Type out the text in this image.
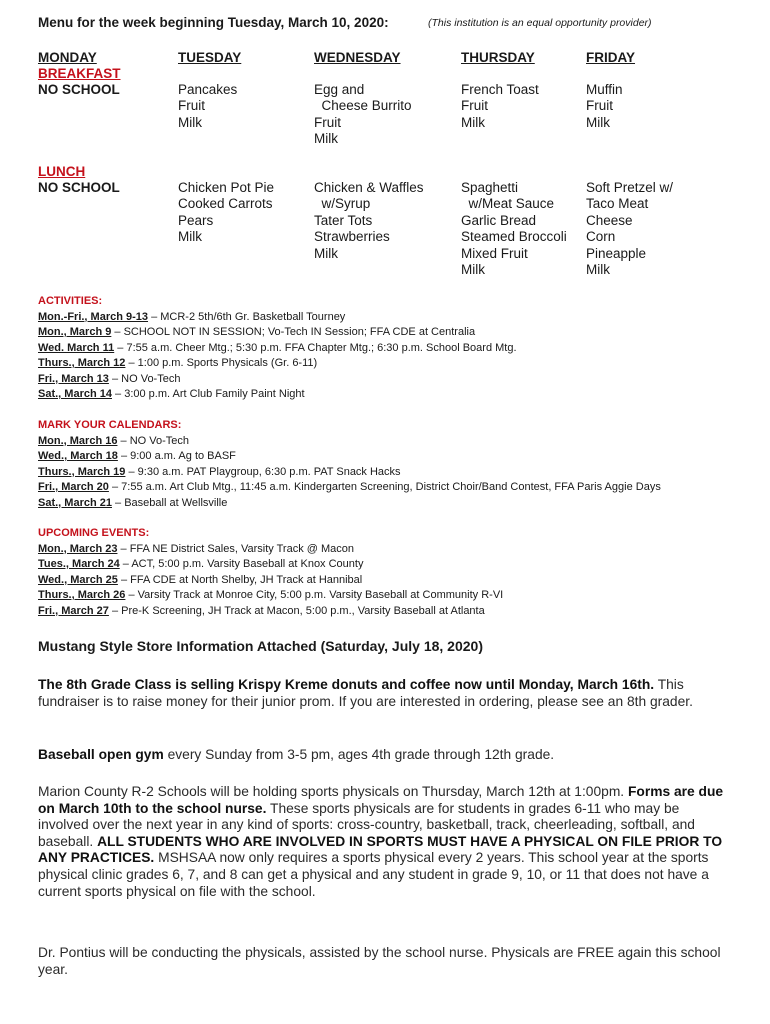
Menu for the week beginning Tuesday, March 10, 2020:	(This institution is an equal opportunity provider)
MONDAY
BREAKFAST
NO SCHOOL
LUNCH
NO SCHOOL
TUESDAY
Pancakes
Fruit
Milk
Chicken Pot Pie
Cooked Carrots
Pears
Milk
WEDNESDAY
Egg and
Cheese Burrito
Fruit
Milk
Chicken & Waffles
w/Syrup
Tater Tots
Strawberries
Milk
THURSDAY
French Toast
Fruit
Milk
Spaghetti
w/Meat Sauce
Garlic Bread
Steamed Broccoli
Mixed Fruit
Milk
FRIDAY
Muffin
Fruit
Milk
Soft Pretzel w/
Taco Meat
Cheese
Corn
Pineapple
Milk
ACTIVITIES:
Mon.-Fri., March 9-13 – MCR-2 5th/6th Gr. Basketball Tourney
Mon., March 9 – SCHOOL NOT IN SESSION; Vo-Tech IN Session; FFA CDE at Centralia
Wed. March 11 – 7:55 a.m. Cheer Mtg.; 5:30 p.m. FFA Chapter Mtg.; 6:30 p.m. School Board Mtg.
Thurs., March 12 – 1:00 p.m. Sports Physicals (Gr. 6-11)
Fri., March 13 – NO Vo-Tech
Sat., March 14 – 3:00 p.m. Art Club Family Paint Night
MARK YOUR CALENDARS:
Mon., March 16 – NO Vo-Tech
Wed., March 18 – 9:00 a.m. Ag to BASF
Thurs., March 19 – 9:30 a.m. PAT Playgroup, 6:30 p.m. PAT Snack Hacks
Fri., March 20 – 7:55 a.m. Art Club Mtg., 11:45 a.m. Kindergarten Screening, District Choir/Band Contest, FFA Paris Aggie Days
Sat., March 21 – Baseball at Wellsville
UPCOMING EVENTS:
Mon., March 23 – FFA NE District Sales, Varsity Track @ Macon
Tues., March 24 – ACT, 5:00 p.m. Varsity Baseball at Knox County
Wed., March 25 – FFA CDE at North Shelby, JH Track at Hannibal
Thurs., March 26 – Varsity Track at Monroe City, 5:00 p.m. Varsity Baseball at Community R-VI
Fri., March 27 – Pre-K Screening, JH Track at Macon, 5:00 p.m., Varsity Baseball at Atlanta
Mustang Style Store Information Attached (Saturday, July 18, 2020)
The 8th Grade Class is selling Krispy Kreme donuts and coffee now until Monday, March 16th. This fundraiser is to raise money for their junior prom. If you are interested in ordering, please see an 8th grader.
Baseball open gym every Sunday from 3-5 pm, ages 4th grade through 12th grade.
Marion County R-2 Schools will be holding sports physicals on Thursday, March 12th at 1:00pm. Forms are due on March 10th to the school nurse. These sports physicals are for students in grades 6-11 who may be involved over the next year in any kind of sports: cross-country, basketball, track, cheerleading, softball, and baseball. ALL STUDENTS WHO ARE INVOLVED IN SPORTS MUST HAVE A PHYSICAL ON FILE PRIOR TO ANY PRACTICES. MSHSAA now only requires a sports physical every 2 years. This school year at the sports physical clinic grades 6, 7, and 8 can get a physical and any student in grade 9, 10, or 11 that does not have a current sports physical on file with the school.
Dr. Pontius will be conducting the physicals, assisted by the school nurse. Physicals are FREE again this school year.
